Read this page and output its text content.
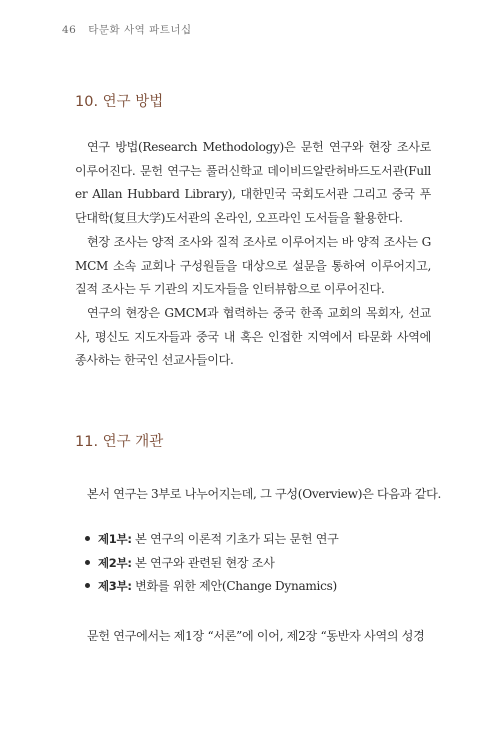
46 타문화 사역 파트너십
10. 연구 방법

연구 방법(Research Methodology)은 문헌 연구와 현장 조사로 이루어진다. 문헌 연구는 풀러신학교 데이비드알란허바드도서관(Fuller Allan Hubbard Library), 대한민국 국회도서관 그리고 중국 푸단대학(复旦大学)도서관의 온라인, 오프라인 도서들을 활용한다.

현장 조사는 양적 조사와 질적 조사로 이루어지는 바 양적 조사는 GMCM 소속 교회나 구성원들을 대상으로 설문을 통하여 이루어지고, 질적 조사는 두 기관의 지도자들을 인터뷰함으로 이루어진다.

연구의 현장은 GMCM과 협력하는 중국 한족 교회의 목회자, 선교사, 평신도 지도자들과 중국 내 혹은 인접한 지역에서 타문화 사역에 종사하는 한국인 선교사들이다.

11. 연구 개관
본서 연구는 3부로 나누어지는데, 그 구성(Overview)은 다음과 같다.
제1부: 본 연구의 이론적 기초가 되는 문헌 연구
제2부: 본 연구와 관련된 현장 조사
제3부: 변화를 위한 제안(Change Dynamics)
문헌 연구에서는 제1장 “서론”에 이어, 제2장 “동반자 사역의 성경
